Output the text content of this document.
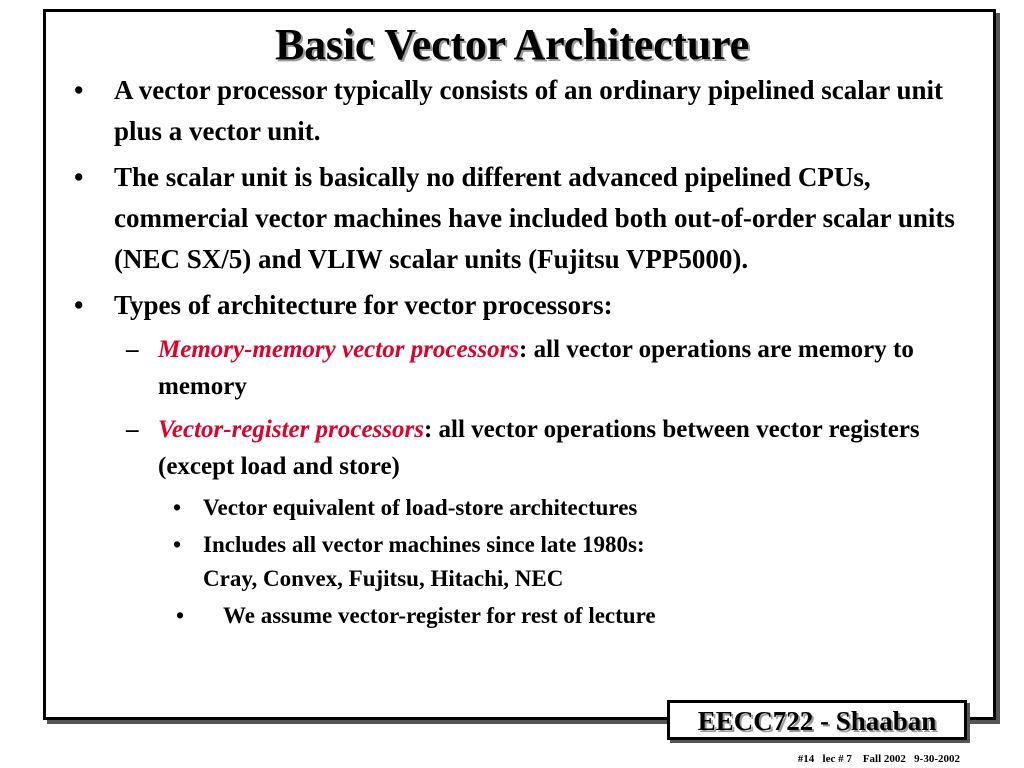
Basic Vector Architecture
• A vector processor typically consists of an ordinary pipelined scalar unit plus a vector unit.
• The scalar unit is basically no different advanced pipelined CPUs, commercial vector machines have included both out-of-order scalar units (NEC SX/5) and VLIW scalar units (Fujitsu VPP5000).
• Types of architecture for vector processors:
– Memory-memory vector processors: all vector operations are memory to memory
– Vector-register processors: all vector operations between vector registers (except load and store)
• Vector equivalent of load-store architectures
• Includes all vector machines since late 1980s:
Cray, Convex, Fujitsu, Hitachi, NEC
• We assume vector-register for rest of lecture
EECC722 - Shaaban
#14   lec # 7    Fall 2002   9-30-2002
